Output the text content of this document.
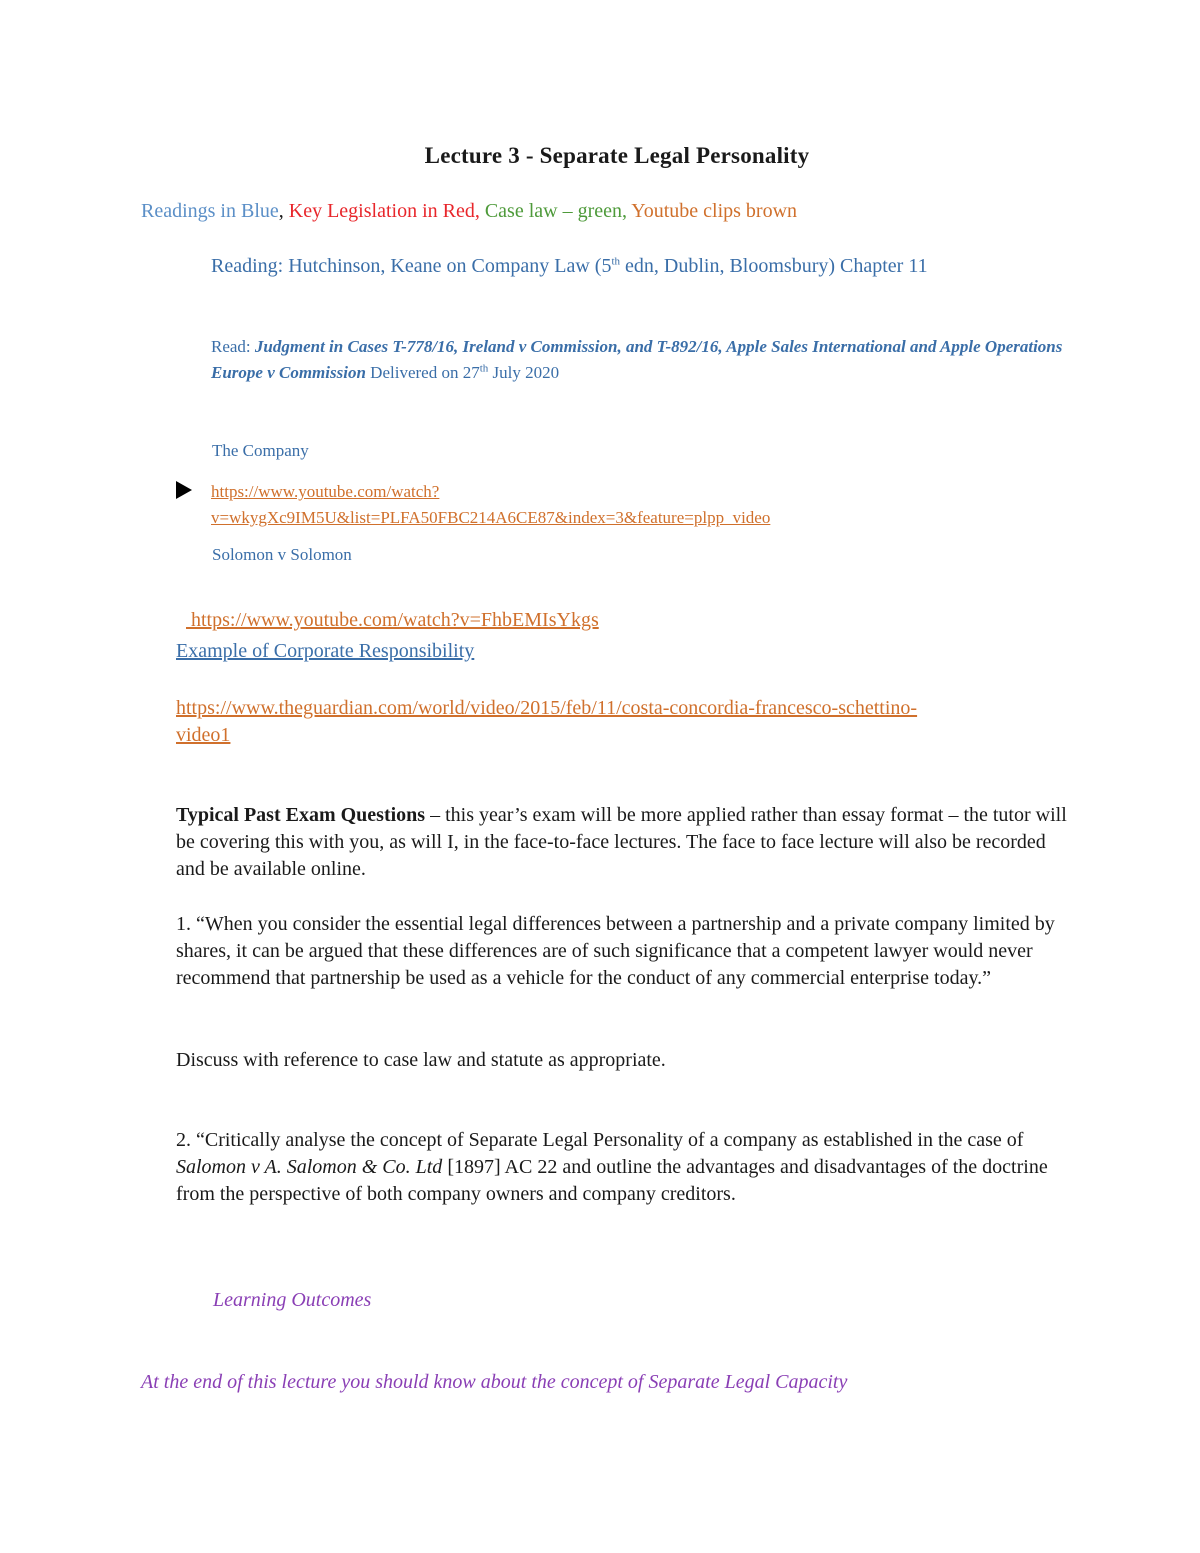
Lecture 3 - Separate Legal Personality
Readings in Blue, Key Legislation in Red, Case law – green, Youtube clips brown
Reading: Hutchinson, Keane on Company Law (5th edn, Dublin, Bloomsbury) Chapter 11
Read: Judgment in Cases T-778/16, Ireland v Commission, and T-892/16, Apple Sales International and Apple Operations Europe v Commission Delivered on 27th July 2020
The Company
https://www.youtube.com/watch?
v=wkygXc9IM5U&list=PLFA50FBC214A6CE87&index=3&feature=plpp_video
Solomon v Solomon

https://www.youtube.com/watch?v=FhbEMIsYkgs

Example of Corporate Responsibility
https://www.theguardian.com/world/video/2015/feb/11/costa-concordia-francesco-schettino-
video1
Typical Past Exam Questions – this year’s exam will be more applied rather than essay format – the tutor will be covering this with you, as will I, in the face-to-face lectures. The face to face lecture will also be recorded and be available online.
1. “When you consider the essential legal differences between a partnership and a private company limited by shares, it can be argued that these differences are of such significance that a competent lawyer would never recommend that partnership be used as a vehicle for the conduct of any commercial enterprise today.”
Discuss with reference to case law and statute as appropriate.
2. “Critically analyse the concept of Separate Legal Personality of a company as established in the case of Salomon v A. Salomon & Co. Ltd [1897] AC 22 and outline the advantages and disadvantages of the doctrine from the perspective of both company owners and company creditors.
Learning Outcomes
At the end of this lecture you should know about the concept of Separate Legal Capacity
